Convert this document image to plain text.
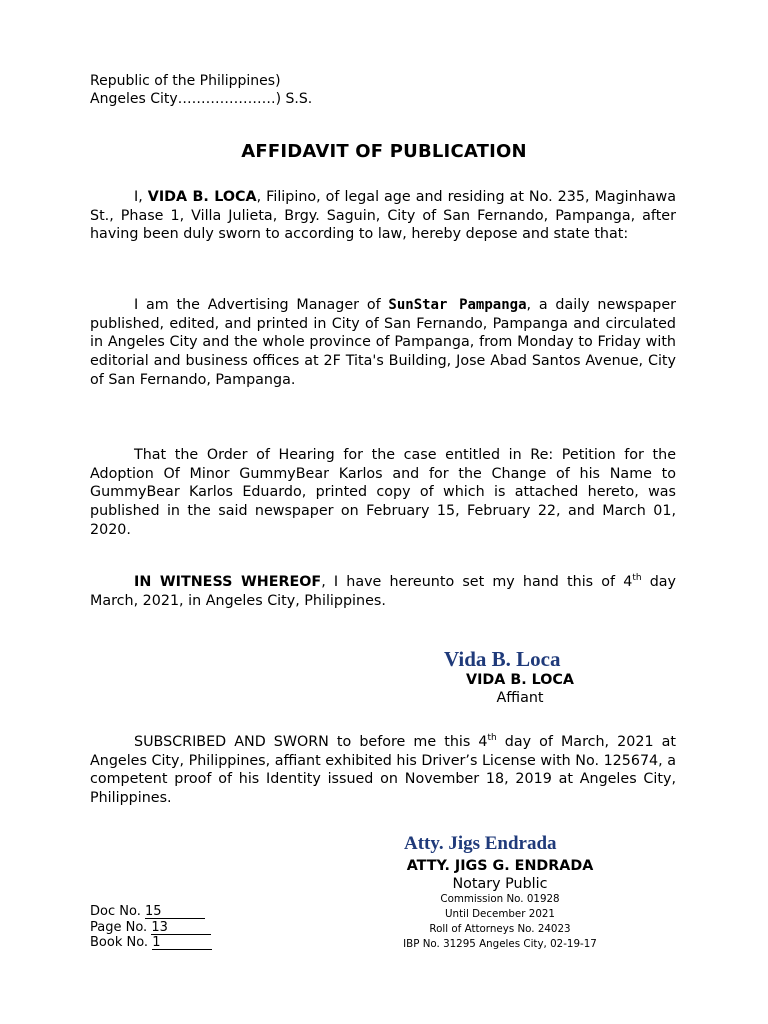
Republic of the Philippines)
Angeles City…………………) S.S.
AFFIDAVIT OF PUBLICATION
I, VIDA B. LOCA, Filipino, of legal age and residing at No. 235, Maginhawa St., Phase 1, Villa Julieta, Brgy. Saguin, City of San Fernando, Pampanga, after having been duly sworn to according to law, hereby depose and state that:
I am the Advertising Manager of SunStar Pampanga, a daily newspaper published, edited, and printed in City of San Fernando, Pampanga and circulated in Angeles City and the whole province of Pampanga, from Monday to Friday with editorial and business offices at 2F Tita's Building, Jose Abad Santos Avenue, City of San Fernando, Pampanga.
That the Order of Hearing for the case entitled in Re: Petition for the Adoption Of Minor GummyBear Karlos and for the Change of his Name to GummyBear Karlos Eduardo, printed copy of which is attached hereto, was published in the said newspaper on February 15, February 22, and March 01, 2020.
IN WITNESS WHEREOF, I have hereunto set my hand this of 4th day March, 2021, in Angeles City, Philippines.
Vida B. Loca
VIDA B. LOCA
Affiant
SUBSCRIBED AND SWORN to before me this 4th day of March, 2021 at Angeles City, Philippines, affiant exhibited his Driver’s License with No. 125674, a competent proof of his Identity issued on November 18, 2019 at Angeles City, Philippines.
Atty. Jigs Endrada
ATTY. JIGS G. ENDRADA
Notary Public
Commission No. 01928
Until December 2021
Roll of Attorneys No. 24023
IBP No. 31295 Angeles City, 02-19-17
Doc No. 15
Page No. 13
Book No. 1
